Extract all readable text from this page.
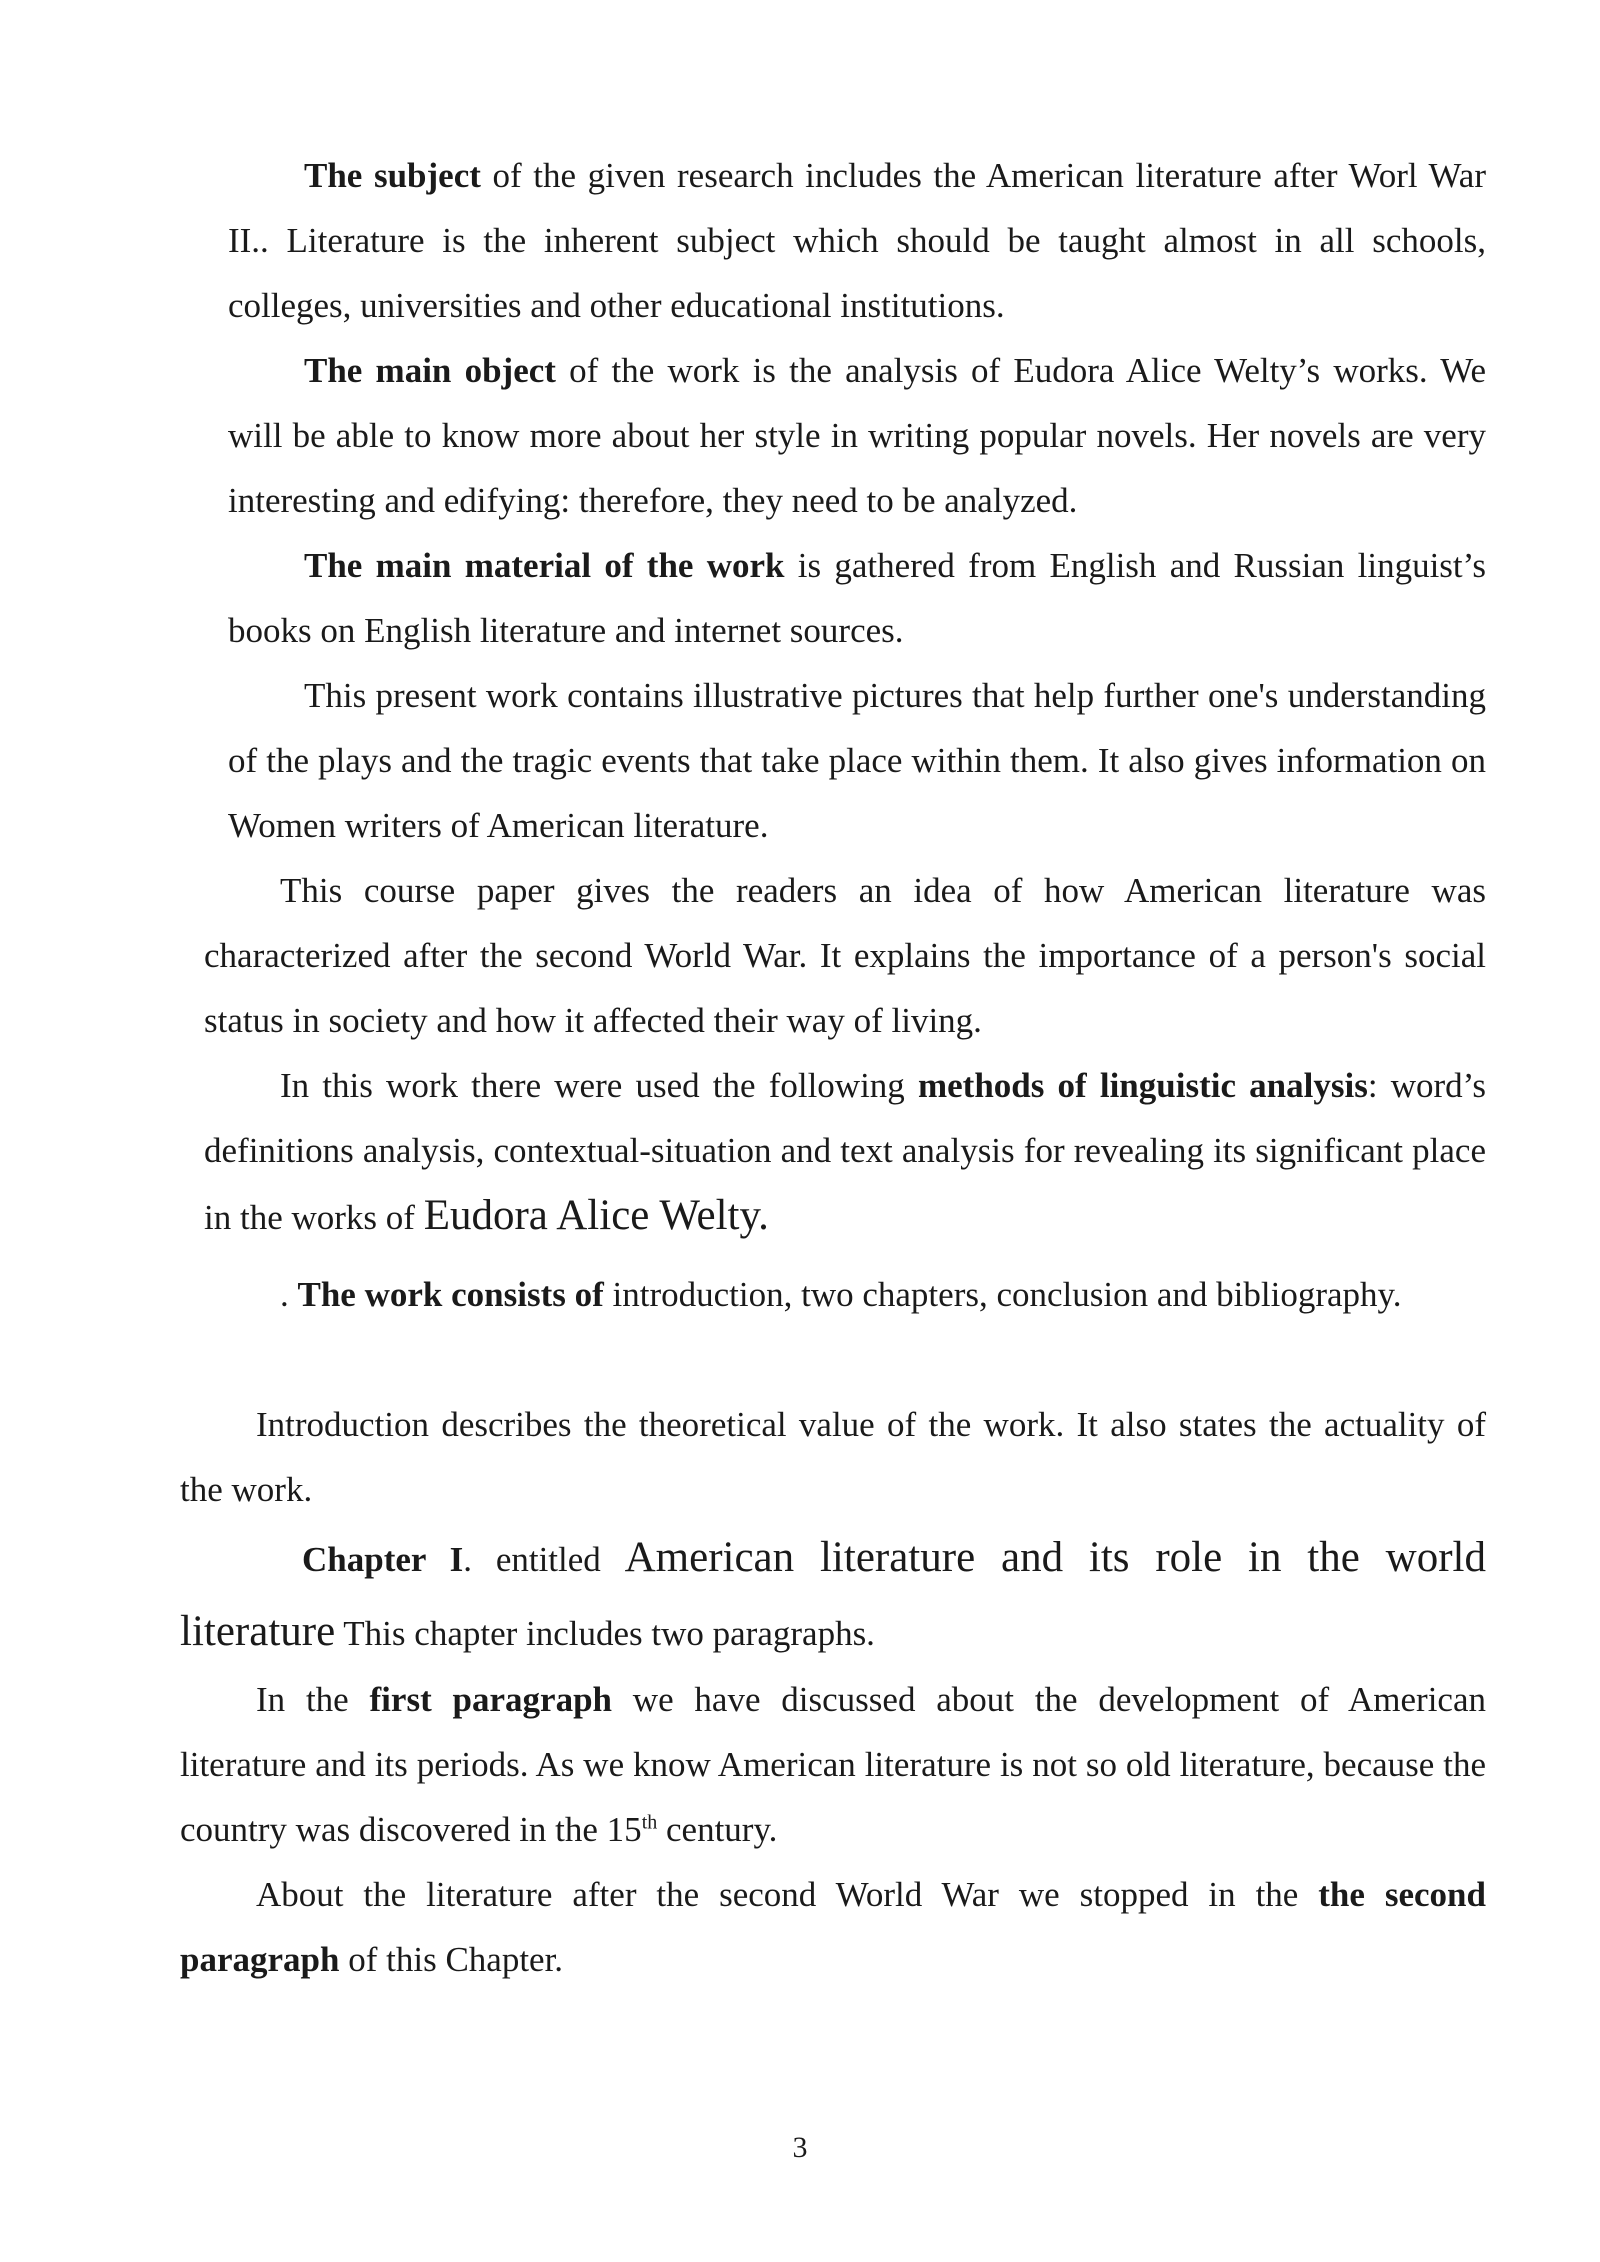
The subject of the given research includes the American literature after Worl War II.. Literature is the inherent subject which should be taught almost in all schools, colleges, universities and other educational institutions.

The main object of the work is the analysis of Eudora Alice Welty’s works. We will be able to know more about her style in writing popular novels. Her novels are very interesting and edifying: therefore, they need to be analyzed.

The main material of the work is gathered from English and Russian linguist’s books on English literature and internet sources.

This present work contains illustrative pictures that help further one's understanding of the plays and the tragic events that take place within them. It also gives information on Women writers of American literature.

This course paper gives the readers an idea of how American literature was characterized after the second World War. It explains the importance of a person's social status in society and how it affected their way of living.

In this work there were used the following methods of linguistic analysis: word’s definitions analysis, contextual-situation and text analysis for revealing its significant place in the works of Eudora Alice Welty.

. The work consists of introduction, two chapters, conclusion and bibliography.

Introduction describes the theoretical value of the work. It also states the actuality of the work.

Chapter I. entitled American literature and its role in the world literature This chapter includes two paragraphs.

In the first paragraph we have discussed about the development of American literature and its periods. As we know American literature is not so old literature, because the country was discovered in the 15th century.

About the literature after the second World War we stopped in the the second paragraph of this Chapter.

3
